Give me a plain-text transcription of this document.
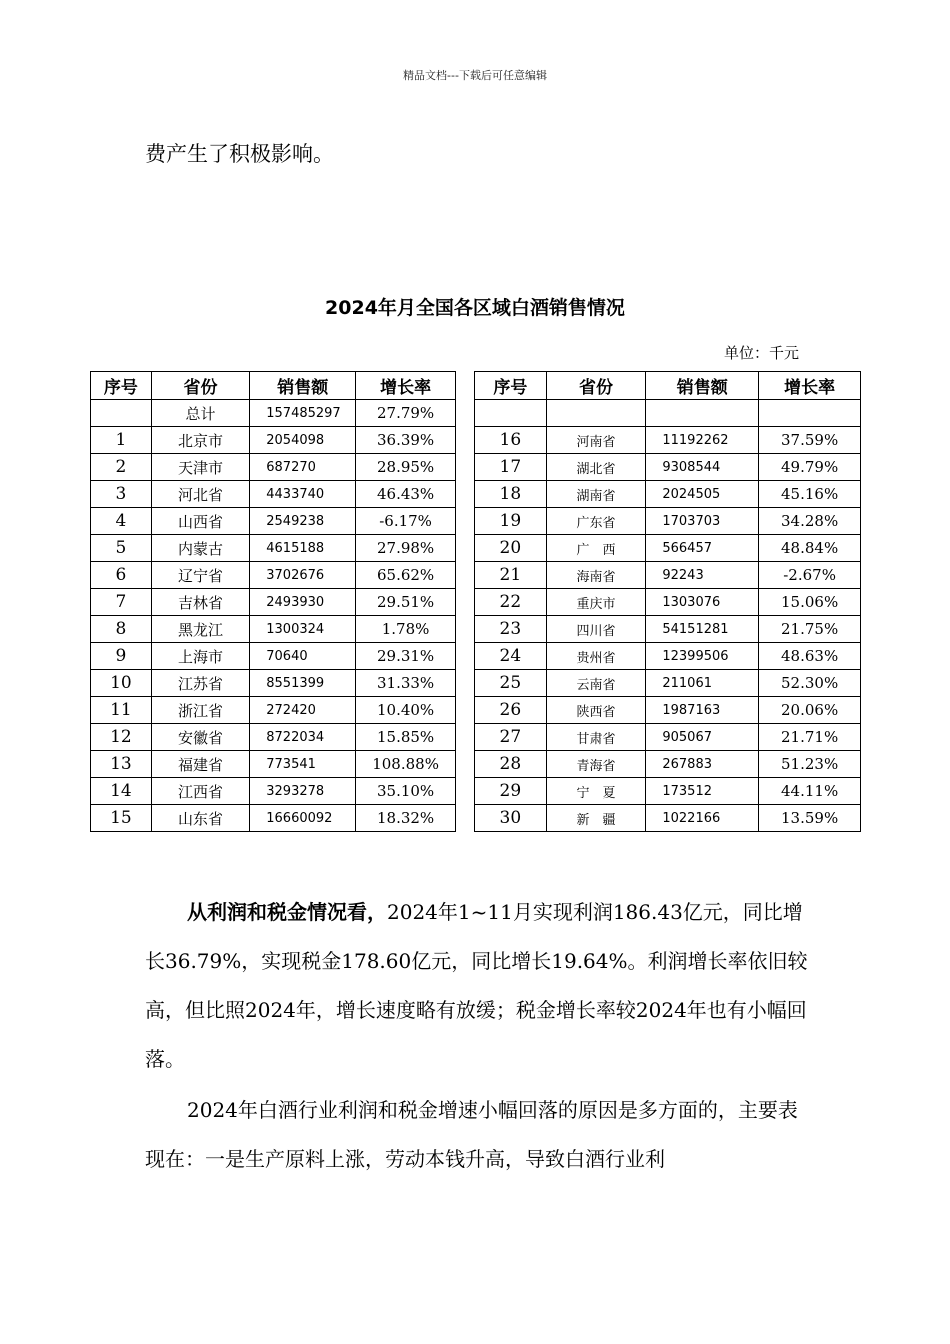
精品文档---下载后可任意编辑
费产生了积极影响。
2024年月全国各区域白酒销售情况
单位：千元
序号	省份	销售额	增长率
	总计	157485297	27.79%
1	北京市	2054098	36.39%
2	天津市	687270	28.95%
3	河北省	4433740	46.43%
4	山西省	2549238	-6.17%
5	内蒙古	4615188	27.98%
6	辽宁省	3702676	65.62%
7	吉林省	2493930	29.51%
8	黑龙江	1300324	1.78%
9	上海市	70640	29.31%
10	江苏省	8551399	31.33%
11	浙江省	272420	10.40%
12	安徽省	8722034	15.85%
13	福建省	773541	108.88%
14	江西省	3293278	35.10%
15	山东省	16660092	18.32%
序号	省份	销售额	增长率

16	河南省	11192262	37.59%
17	湖北省	9308544	49.79%
18	湖南省	2024505	45.16%
19	广东省	1703703	34.28%
20	广　西	566457	48.84%
21	海南省	92243	-2.67%
22	重庆市	1303076	15.06%
23	四川省	54151281	21.75%
24	贵州省	12399506	48.63%
25	云南省	211061	52.30%
26	陕西省	1987163	20.06%
27	甘肃省	905067	21.71%
28	青海省	267883	51.23%
29	宁　夏	173512	44.11%
30	新　疆	1022166	13.59%
从利润和税金情况看，2024年1~11月实现利润186.43亿元，同比增长36.79%，实现税金178.60亿元，同比增长19.64%。利润增长率依旧较高，但比照2024年，增长速度略有放缓；税金增长率较2024年也有小幅回落。
2024年白酒行业利润和税金增速小幅回落的原因是多方面的，主要表现在：一是生产原料上涨，劳动本钱升高，导致白酒行业利
